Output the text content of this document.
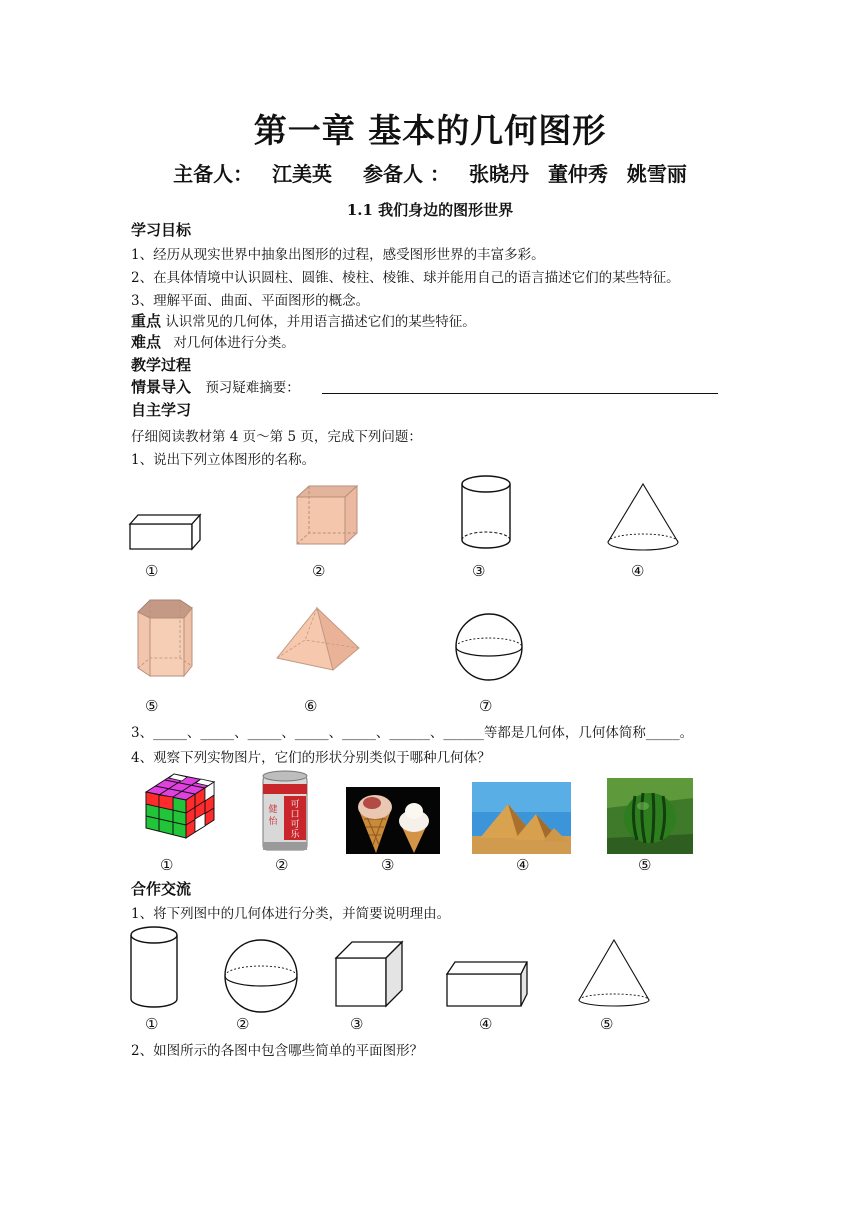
第一章 基本的几何图形
主备人： 江美英 参备人 ： 张晓丹 董仲秀 姚雪丽
1.1 我们身边的图形世界
学习目标
1、经历从现实世界中抽象出图形的过程，感受图形世界的丰富多彩。
2、在具体情境中认识圆柱、圆锥、棱柱、棱锥、球并能用自己的语言描述它们的某些特征。
3、理解平面、曲面、平面图形的概念。
重点 认识常见的几何体，并用语言描述它们的某些特征。
难点 对几何体进行分类。
教学过程
情景导入 预习疑难摘要：
自主学习
仔细阅读教材第 4 页～第 5 页，完成下列问题：
1、说出下列立体图形的名称。
①	②	③	④
⑤	⑥	⑦
3、_____、_____、_____、_____、_____、______、______等都是几何体，几何体简称_____。
4、观察下列实物图片，它们的形状分别类似于哪种几何体？
可
口
可
乐
健
怡
①	②	③	④	⑤
合作交流
1、将下列图中的几何体进行分类，并简要说明理由。
①	②	③	④	⑤
2、如图所示的各图中包含哪些简单的平面图形？
